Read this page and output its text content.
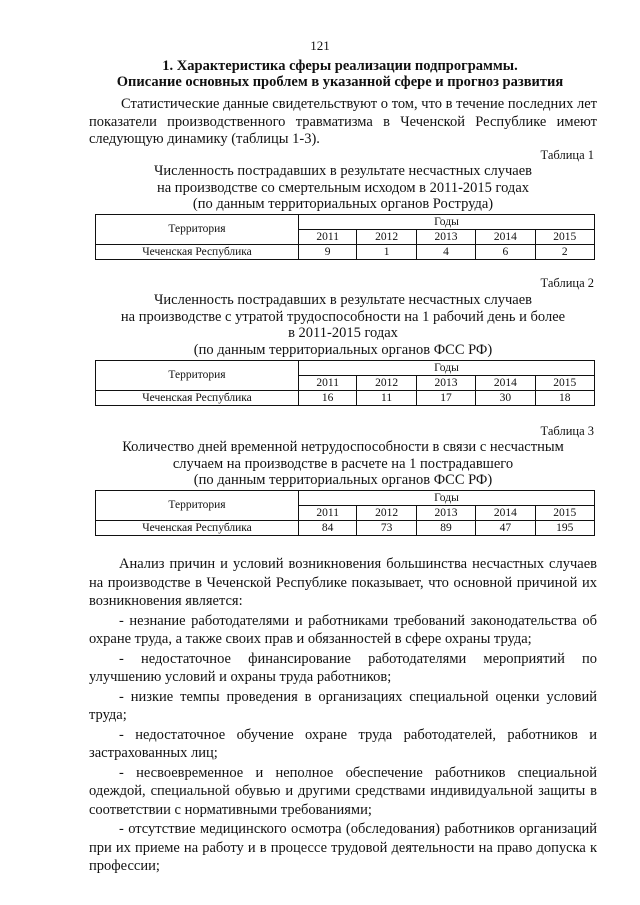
121
1. Характеристика сферы реализации подпрограммы.
Описание основных проблем в указанной сфере и прогноз развития
Статистические данные свидетельствуют о том, что в течение последних лет показатели производственного травматизма в Чеченской Республике имеют следующую динамику (таблицы 1-3).
Таблица 1
Численность пострадавших в результате несчастных случаев
на производстве со смертельным исходом в 2011-2015 годах
(по данным территориальных органов Роструда)
Территория	Годы				
	2011	2012	2013	2014	2015
Чеченская Республика	9	1	4	6	2
Таблица 2
Численность пострадавших в результате несчастных случаев
на производстве с утратой трудоспособности на 1 рабочий день и более
в 2011-2015 годах
(по данным территориальных органов ФСС РФ)
Территория	Годы				
	2011	2012	2013	2014	2015
Чеченская Республика	16	11	17	30	18
Таблица 3
Количество дней временной нетрудоспособности в связи с несчастным
случаем на производстве в расчете на 1 пострадавшего
(по данным территориальных органов ФСС РФ)
Территория	Годы				
	2011	2012	2013	2014	2015
Чеченская Республика	84	73	89	47	195

Анализ причин и условий возникновения большинства несчастных случаев на производстве в Чеченской Республике показывает, что основной причиной их возникновения является:

- незнание работодателями и работниками требований законодательства об охране труда, а также своих прав и обязанностей в сфере охраны труда;

- недостаточное финансирование работодателями мероприятий по улучшению условий и охраны труда работников;

- низкие темпы проведения в организациях специальной оценки условий труда;

- недостаточное обучение охране труда работодателей, работников и застрахованных лиц;

- несвоевременное и неполное обеспечение работников специальной одеждой, специальной обувью и другими средствами индивидуальной защиты в соответствии с нормативными требованиями;

- отсутствие медицинского осмотра (обследования) работников организаций при их приеме на работу и в процессе трудовой деятельности на право допуска к профессии;
